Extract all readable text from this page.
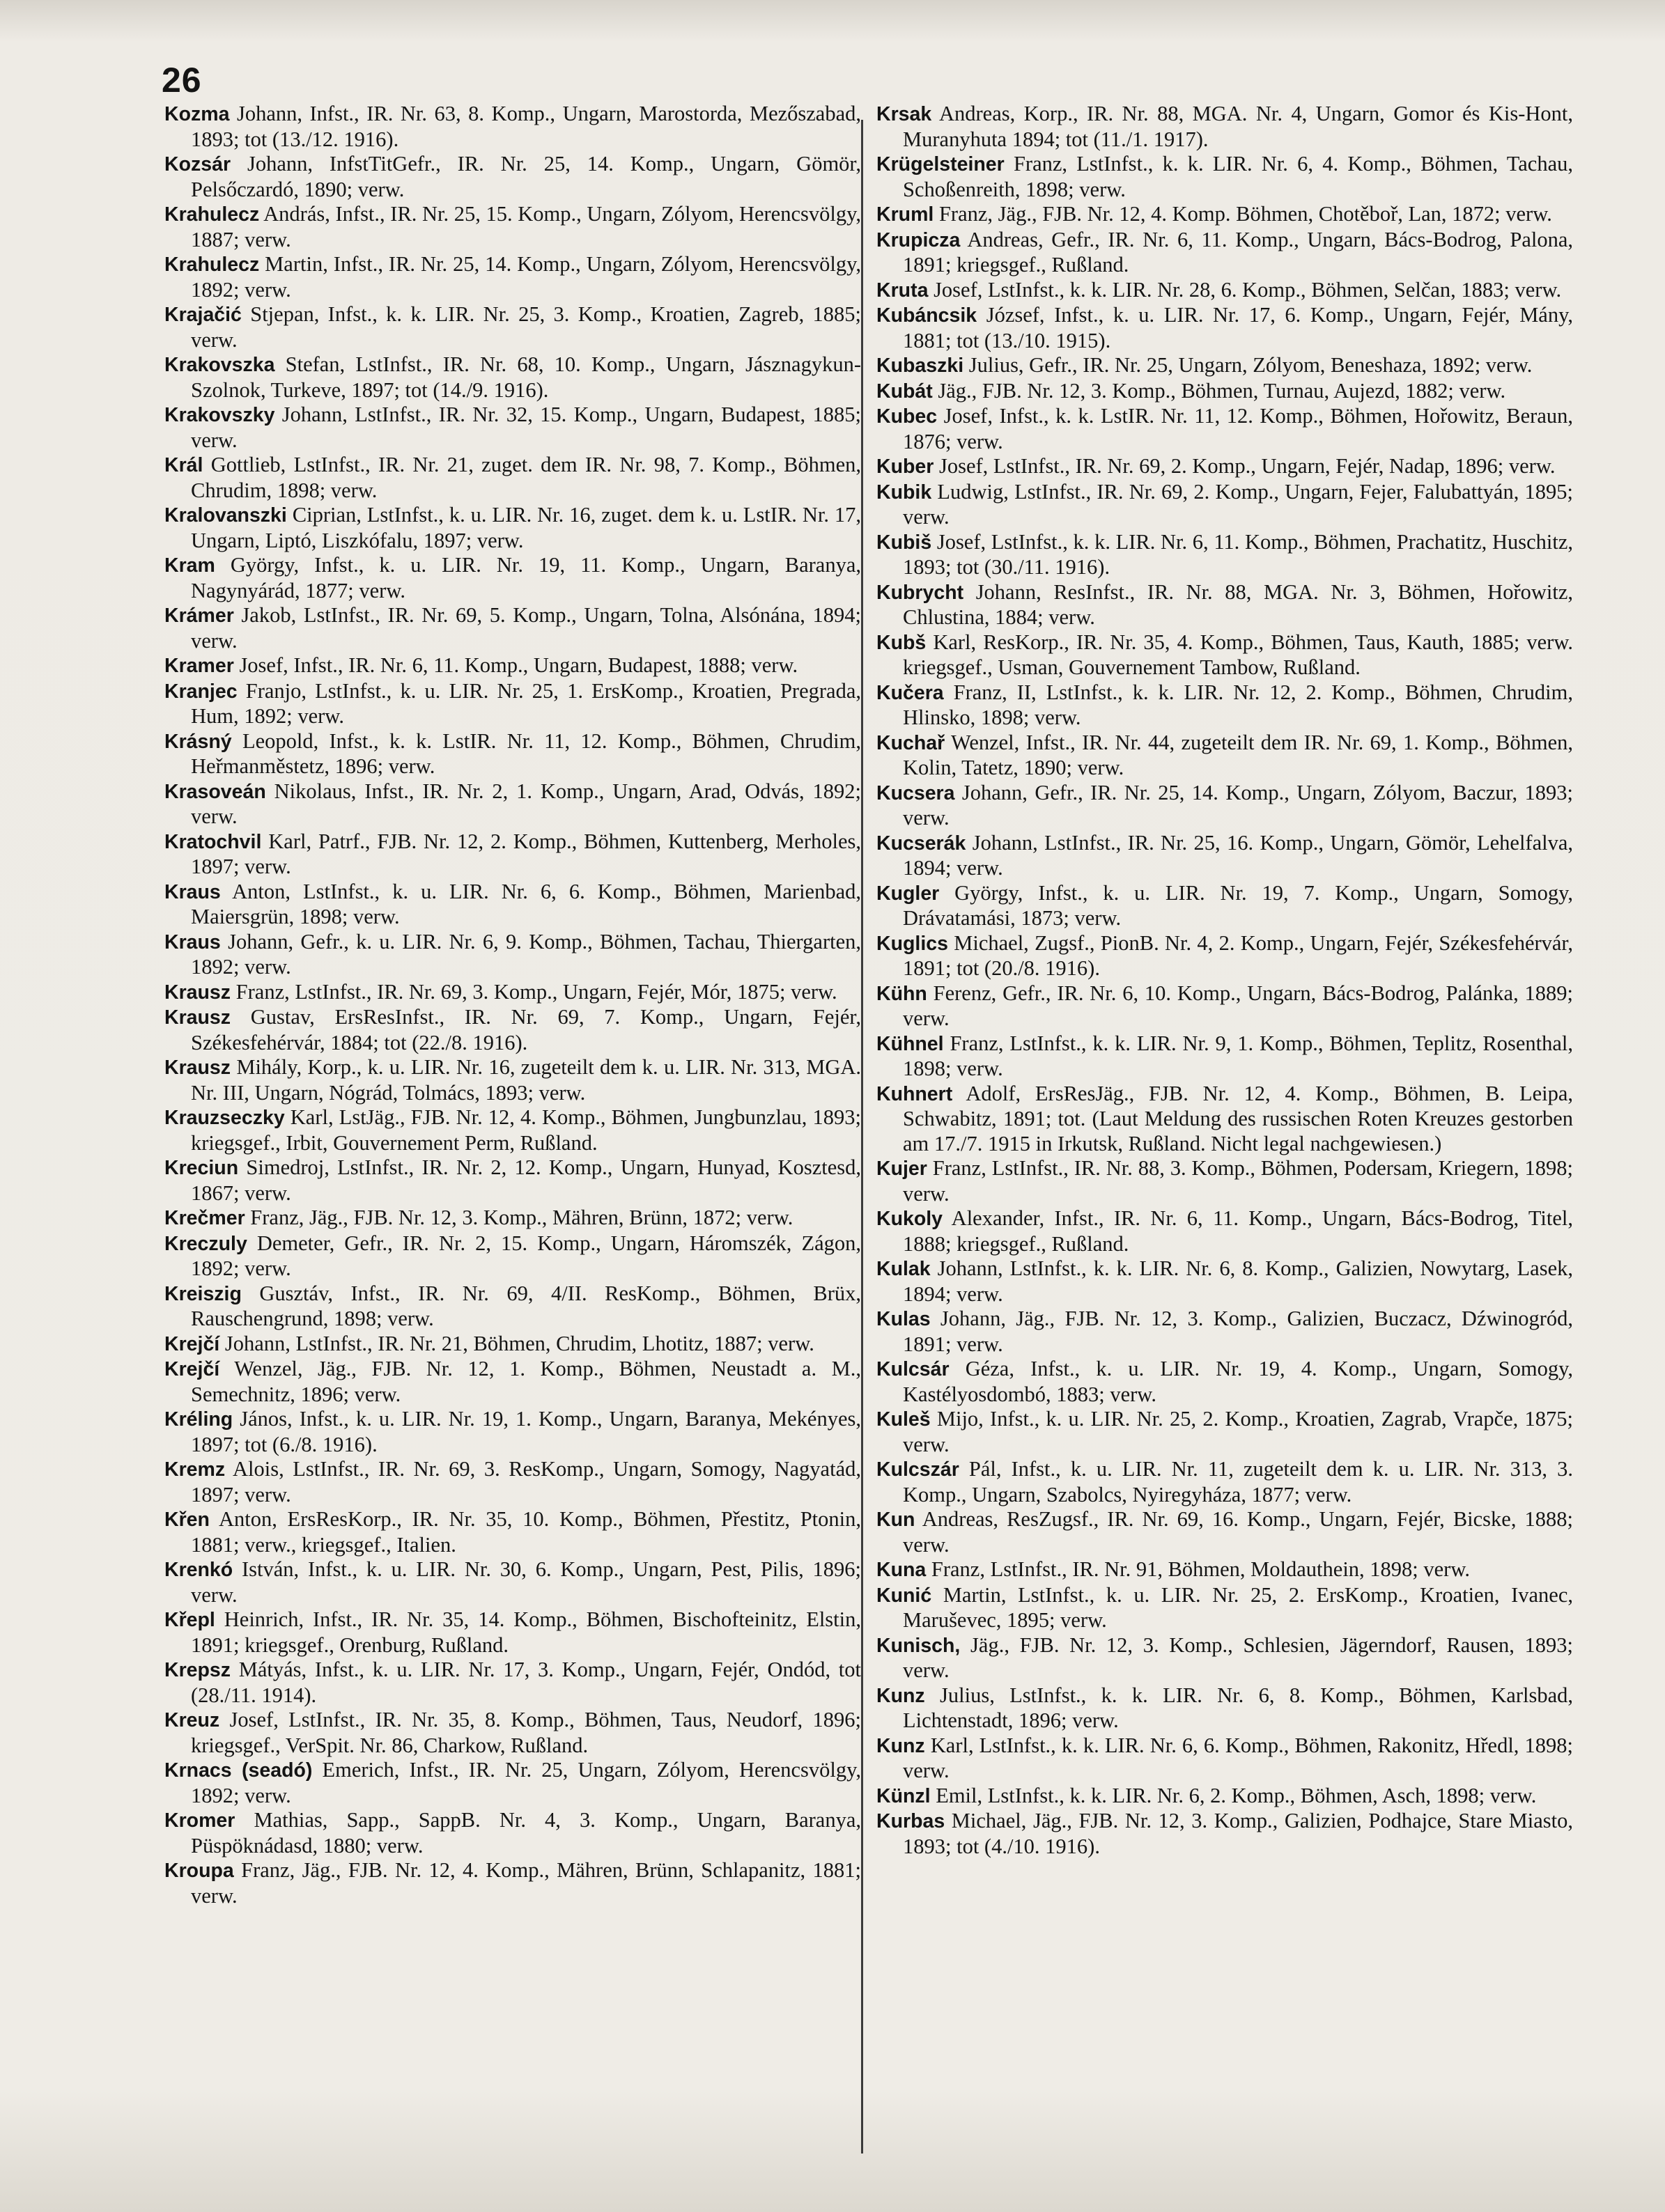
26

Kozma Johann, Infst., IR. Nr. 63, 8. Komp., Ungarn, Marostorda, Mezőszabad, 1893; tot (13./12. 1916).

Kozsár Johann, InfstTitGefr., IR. Nr. 25, 14. Komp., Ungarn, Gömör, Pelsőczardó, 1890; verw.

Krahulecz András, Infst., IR. Nr. 25, 15. Komp., Ungarn, Zólyom, Herencsvölgy, 1887; verw.

Krahulecz Martin, Infst., IR. Nr. 25, 14. Komp., Ungarn, Zólyom, Herencsvölgy, 1892; verw.

Krajačić Stjepan, Infst., k. k. LIR. Nr. 25, 3. Komp., Kroatien, Zagreb, 1885; verw.

Krakovszka Stefan, LstInfst., IR. Nr. 68, 10. Komp., Ungarn, Jásznagykun-Szolnok, Turkeve, 1897; tot (14./9. 1916).

Krakovszky Johann, LstInfst., IR. Nr. 32, 15. Komp., Ungarn, Budapest, 1885; verw.

Král Gottlieb, LstInfst., IR. Nr. 21, zuget. dem IR. Nr. 98, 7. Komp., Böhmen, Chrudim, 1898; verw.

Kralovanszki Ciprian, LstInfst., k. u. LIR. Nr. 16, zuget. dem k. u. LstIR. Nr. 17, Ungarn, Liptó, Liszkófalu, 1897; verw.

Kram György, Infst., k. u. LIR. Nr. 19, 11. Komp., Ungarn, Baranya, Nagynyárád, 1877; verw.

Krámer Jakob, LstInfst., IR. Nr. 69, 5. Komp., Ungarn, Tolna, Alsónána, 1894; verw.

Kramer Josef, Infst., IR. Nr. 6, 11. Komp., Ungarn, Budapest, 1888; verw.

Kranjec Franjo, LstInfst., k. u. LIR. Nr. 25, 1. ErsKomp., Kroatien, Pregrada, Hum, 1892; verw.

Krásný Leopold, Infst., k. k. LstIR. Nr. 11, 12. Komp., Böhmen, Chrudim, Heřmanměstetz, 1896; verw.

Krasoveán Nikolaus, Infst., IR. Nr. 2, 1. Komp., Ungarn, Arad, Odvás, 1892; verw.

Kratochvil Karl, Patrf., FJB. Nr. 12, 2. Komp., Böhmen, Kuttenberg, Merholes, 1897; verw.

Kraus Anton, LstInfst., k. u. LIR. Nr. 6, 6. Komp., Böhmen, Marienbad, Maiersgrün, 1898; verw.

Kraus Johann, Gefr., k. u. LIR. Nr. 6, 9. Komp., Böhmen, Tachau, Thiergarten, 1892; verw.

Krausz Franz, LstInfst., IR. Nr. 69, 3. Komp., Ungarn, Fejér, Mór, 1875; verw.

Krausz Gustav, ErsResInfst., IR. Nr. 69, 7. Komp., Ungarn, Fejér, Székesfehérvár, 1884; tot (22./8. 1916).

Krausz Mihály, Korp., k. u. LIR. Nr. 16, zugeteilt dem k. u. LIR. Nr. 313, MGA. Nr. III, Ungarn, Nógrád, Tolmács, 1893; verw.

Krauzseczky Karl, LstJäg., FJB. Nr. 12, 4. Komp., Böhmen, Jungbunzlau, 1893; kriegsgef., Irbit, Gouvernement Perm, Rußland.

Kreciun Simedroj, LstInfst., IR. Nr. 2, 12. Komp., Ungarn, Hunyad, Kosztesd, 1867; verw.

Krečmer Franz, Jäg., FJB. Nr. 12, 3. Komp., Mähren, Brünn, 1872; verw.

Kreczuly Demeter, Gefr., IR. Nr. 2, 15. Komp., Ungarn, Háromszék, Zágon, 1892; verw.

Kreiszig Gusztáv, Infst., IR. Nr. 69, 4/II. ResKomp., Böhmen, Brüx, Rauschengrund, 1898; verw.

Krejčí Johann, LstInfst., IR. Nr. 21, Böhmen, Chrudim, Lhotitz, 1887; verw.

Krejčí Wenzel, Jäg., FJB. Nr. 12, 1. Komp., Böhmen, Neustadt a. M., Semechnitz, 1896; verw.

Kréling János, Infst., k. u. LIR. Nr. 19, 1. Komp., Ungarn, Baranya, Mekényes, 1897; tot (6./8. 1916).

Kremz Alois, LstInfst., IR. Nr. 69, 3. ResKomp., Ungarn, Somogy, Nagyatád, 1897; verw.

Křen Anton, ErsResKorp., IR. Nr. 35, 10. Komp., Böhmen, Přestitz, Ptonin, 1881; verw., kriegsgef., Italien.

Krenkó István, Infst., k. u. LIR. Nr. 30, 6. Komp., Ungarn, Pest, Pilis, 1896; verw.

Křepl Heinrich, Infst., IR. Nr. 35, 14. Komp., Böhmen, Bischofteinitz, Elstin, 1891; kriegsgef., Orenburg, Rußland.

Krepsz Mátyás, Infst., k. u. LIR. Nr. 17, 3. Komp., Ungarn, Fejér, Ondód, tot (28./11. 1914).

Kreuz Josef, LstInfst., IR. Nr. 35, 8. Komp., Böhmen, Taus, Neudorf, 1896; kriegsgef., VerSpit. Nr. 86, Charkow, Rußland.

Krnacs (seadó) Emerich, Infst., IR. Nr. 25, Ungarn, Zólyom, Herencsvölgy, 1892; verw.

Kromer Mathias, Sapp., SappB. Nr. 4, 3. Komp., Ungarn, Baranya, Püspöknádasd, 1880; verw.

Kroupa Franz, Jäg., FJB. Nr. 12, 4. Komp., Mähren, Brünn, Schlapanitz, 1881; verw.

Krsak Andreas, Korp., IR. Nr. 88, MGA. Nr. 4, Ungarn, Gomor és Kis-Hont, Muranyhuta 1894; tot (11./1. 1917).

Krügelsteiner Franz, LstInfst., k. k. LIR. Nr. 6, 4. Komp., Böhmen, Tachau, Schoßenreith, 1898; verw.

Kruml Franz, Jäg., FJB. Nr. 12, 4. Komp. Böhmen, Chotěboř, Lan, 1872; verw.

Krupicza Andreas, Gefr., IR. Nr. 6, 11. Komp., Ungarn, Bács-Bodrog, Palona, 1891; kriegsgef., Rußland.

Kruta Josef, LstInfst., k. k. LIR. Nr. 28, 6. Komp., Böhmen, Selčan, 1883; verw.

Kubáncsik József, Infst., k. u. LIR. Nr. 17, 6. Komp., Ungarn, Fejér, Mány, 1881; tot (13./10. 1915).

Kubaszki Julius, Gefr., IR. Nr. 25, Ungarn, Zólyom, Beneshaza, 1892; verw.

Kubát Jäg., FJB. Nr. 12, 3. Komp., Böhmen, Turnau, Aujezd, 1882; verw.

Kubec Josef, Infst., k. k. LstIR. Nr. 11, 12. Komp., Böhmen, Hořowitz, Beraun, 1876; verw.

Kuber Josef, LstInfst., IR. Nr. 69, 2. Komp., Ungarn, Fejér, Nadap, 1896; verw.

Kubik Ludwig, LstInfst., IR. Nr. 69, 2. Komp., Ungarn, Fejer, Falubattyán, 1895; verw.

Kubiš Josef, LstInfst., k. k. LIR. Nr. 6, 11. Komp., Böhmen, Prachatitz, Huschitz, 1893; tot (30./11. 1916).

Kubrycht Johann, ResInfst., IR. Nr. 88, MGA. Nr. 3, Böhmen, Hořowitz, Chlustina, 1884; verw.

Kubš Karl, ResKorp., IR. Nr. 35, 4. Komp., Böhmen, Taus, Kauth, 1885; verw. kriegsgef., Usman, Gouvernement Tambow, Rußland.

Kučera Franz, II, LstInfst., k. k. LIR. Nr. 12, 2. Komp., Böhmen, Chrudim, Hlinsko, 1898; verw.

Kuchař Wenzel, Infst., IR. Nr. 44, zugeteilt dem IR. Nr. 69, 1. Komp., Böhmen, Kolin, Tatetz, 1890; verw.

Kucsera Johann, Gefr., IR. Nr. 25, 14. Komp., Ungarn, Zólyom, Baczur, 1893; verw.

Kucserák Johann, LstInfst., IR. Nr. 25, 16. Komp., Ungarn, Gömör, Lehelfalva, 1894; verw.

Kugler György, Infst., k. u. LIR. Nr. 19, 7. Komp., Ungarn, Somogy, Drávatamási, 1873; verw.

Kuglics Michael, Zugsf., PionB. Nr. 4, 2. Komp., Ungarn, Fejér, Székesfehérvár, 1891; tot (20./8. 1916).

Kühn Ferenz, Gefr., IR. Nr. 6, 10. Komp., Ungarn, Bács-Bodrog, Palánka, 1889; verw.

Kühnel Franz, LstInfst., k. k. LIR. Nr. 9, 1. Komp., Böhmen, Teplitz, Rosenthal, 1898; verw.

Kuhnert Adolf, ErsResJäg., FJB. Nr. 12, 4. Komp., Böhmen, B. Leipa, Schwabitz, 1891; tot. (Laut Meldung des russischen Roten Kreuzes gestorben am 17./7. 1915 in Irkutsk, Rußland. Nicht legal nachgewiesen.)

Kujer Franz, LstInfst., IR. Nr. 88, 3. Komp., Böhmen, Podersam, Kriegern, 1898; verw.

Kukoly Alexander, Infst., IR. Nr. 6, 11. Komp., Ungarn, Bács-Bodrog, Titel, 1888; kriegsgef., Rußland.

Kulak Johann, LstInfst., k. k. LIR. Nr. 6, 8. Komp., Galizien, Nowytarg, Lasek, 1894; verw.

Kulas Johann, Jäg., FJB. Nr. 12, 3. Komp., Galizien, Buczacz, Dźwinogród, 1891; verw.

Kulcsár Géza, Infst., k. u. LIR. Nr. 19, 4. Komp., Ungarn, Somogy, Kastélyosdombó, 1883; verw.

Kuleš Mijo, Infst., k. u. LIR. Nr. 25, 2. Komp., Kroatien, Zagrab, Vrapče, 1875; verw.

Kulcszár Pál, Infst., k. u. LIR. Nr. 11, zugeteilt dem k. u. LIR. Nr. 313, 3. Komp., Ungarn, Szabolcs, Nyiregyháza, 1877; verw.

Kun Andreas, ResZugsf., IR. Nr. 69, 16. Komp., Ungarn, Fejér, Bicske, 1888; verw.

Kuna Franz, LstInfst., IR. Nr. 91, Böhmen, Moldauthein, 1898; verw.

Kunić Martin, LstInfst., k. u. LIR. Nr. 25, 2. ErsKomp., Kroatien, Ivanec, Maruševec, 1895; verw.

Kunisch, Jäg., FJB. Nr. 12, 3. Komp., Schlesien, Jägerndorf, Rausen, 1893; verw.

Kunz Julius, LstInfst., k. k. LIR. Nr. 6, 8. Komp., Böhmen, Karlsbad, Lichtenstadt, 1896; verw.

Kunz Karl, LstInfst., k. k. LIR. Nr. 6, 6. Komp., Böhmen, Rakonitz, Hředl, 1898; verw.

Künzl Emil, LstInfst., k. k. LIR. Nr. 6, 2. Komp., Böhmen, Asch, 1898; verw.

Kurbas Michael, Jäg., FJB. Nr. 12, 3. Komp., Galizien, Podhajce, Stare Miasto, 1893; tot (4./10. 1916).
